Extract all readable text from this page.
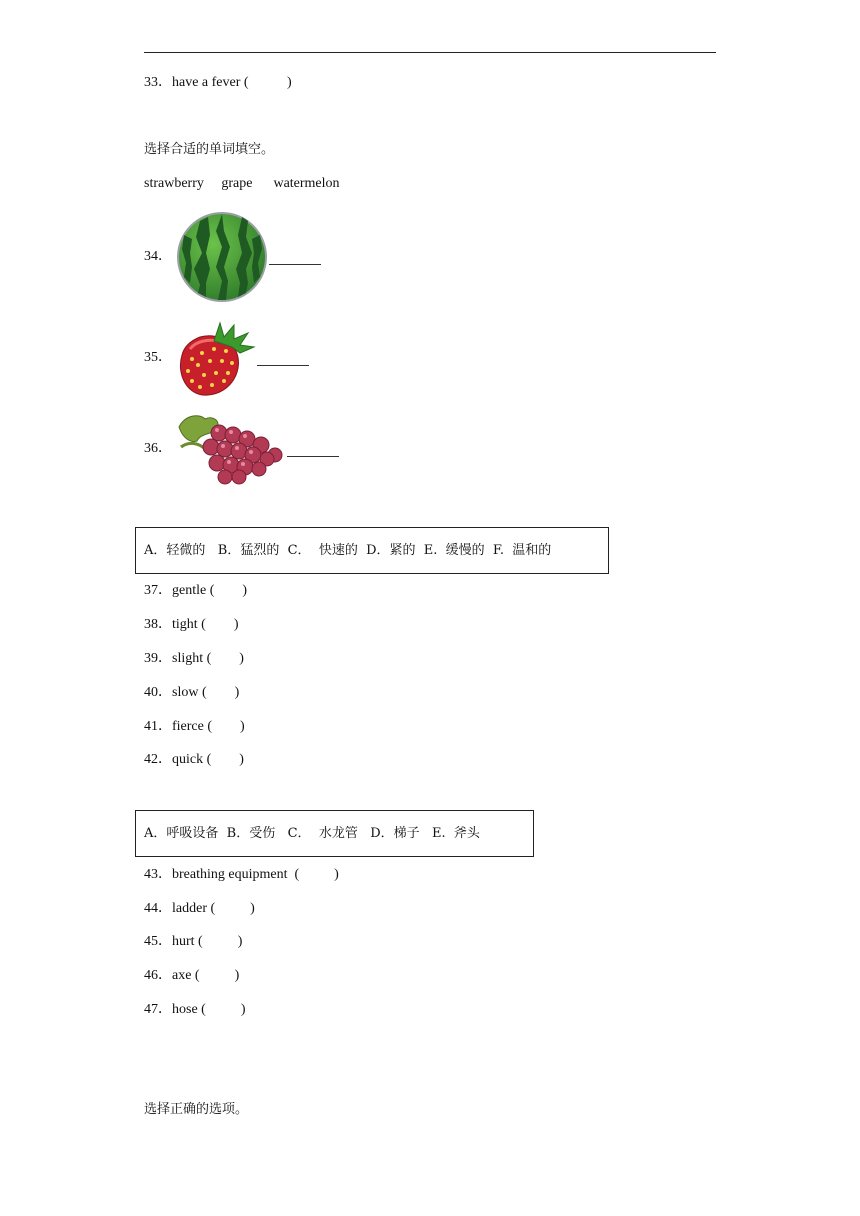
33．have a fever (           )
选择合适的单词填空。
strawberry     grape      watermelon
34．
35．
36．
A．轻微的   B．猛烈的  C．  快速的  D．紧的  E.  缓慢的  F.  温和的
37．gentle (        )
38．tight (        )
39．slight (        )
40．slow (        )
41．fierce (        )
42．quick (        )
A．呼吸设备  B．受伤   C．  水龙管   D．梯子   E.  斧头
43．breathing equipment  (          )
44．ladder (          )
45．hurt (          )
46．axe (          )
47．hose (          )
选择正确的选项。
